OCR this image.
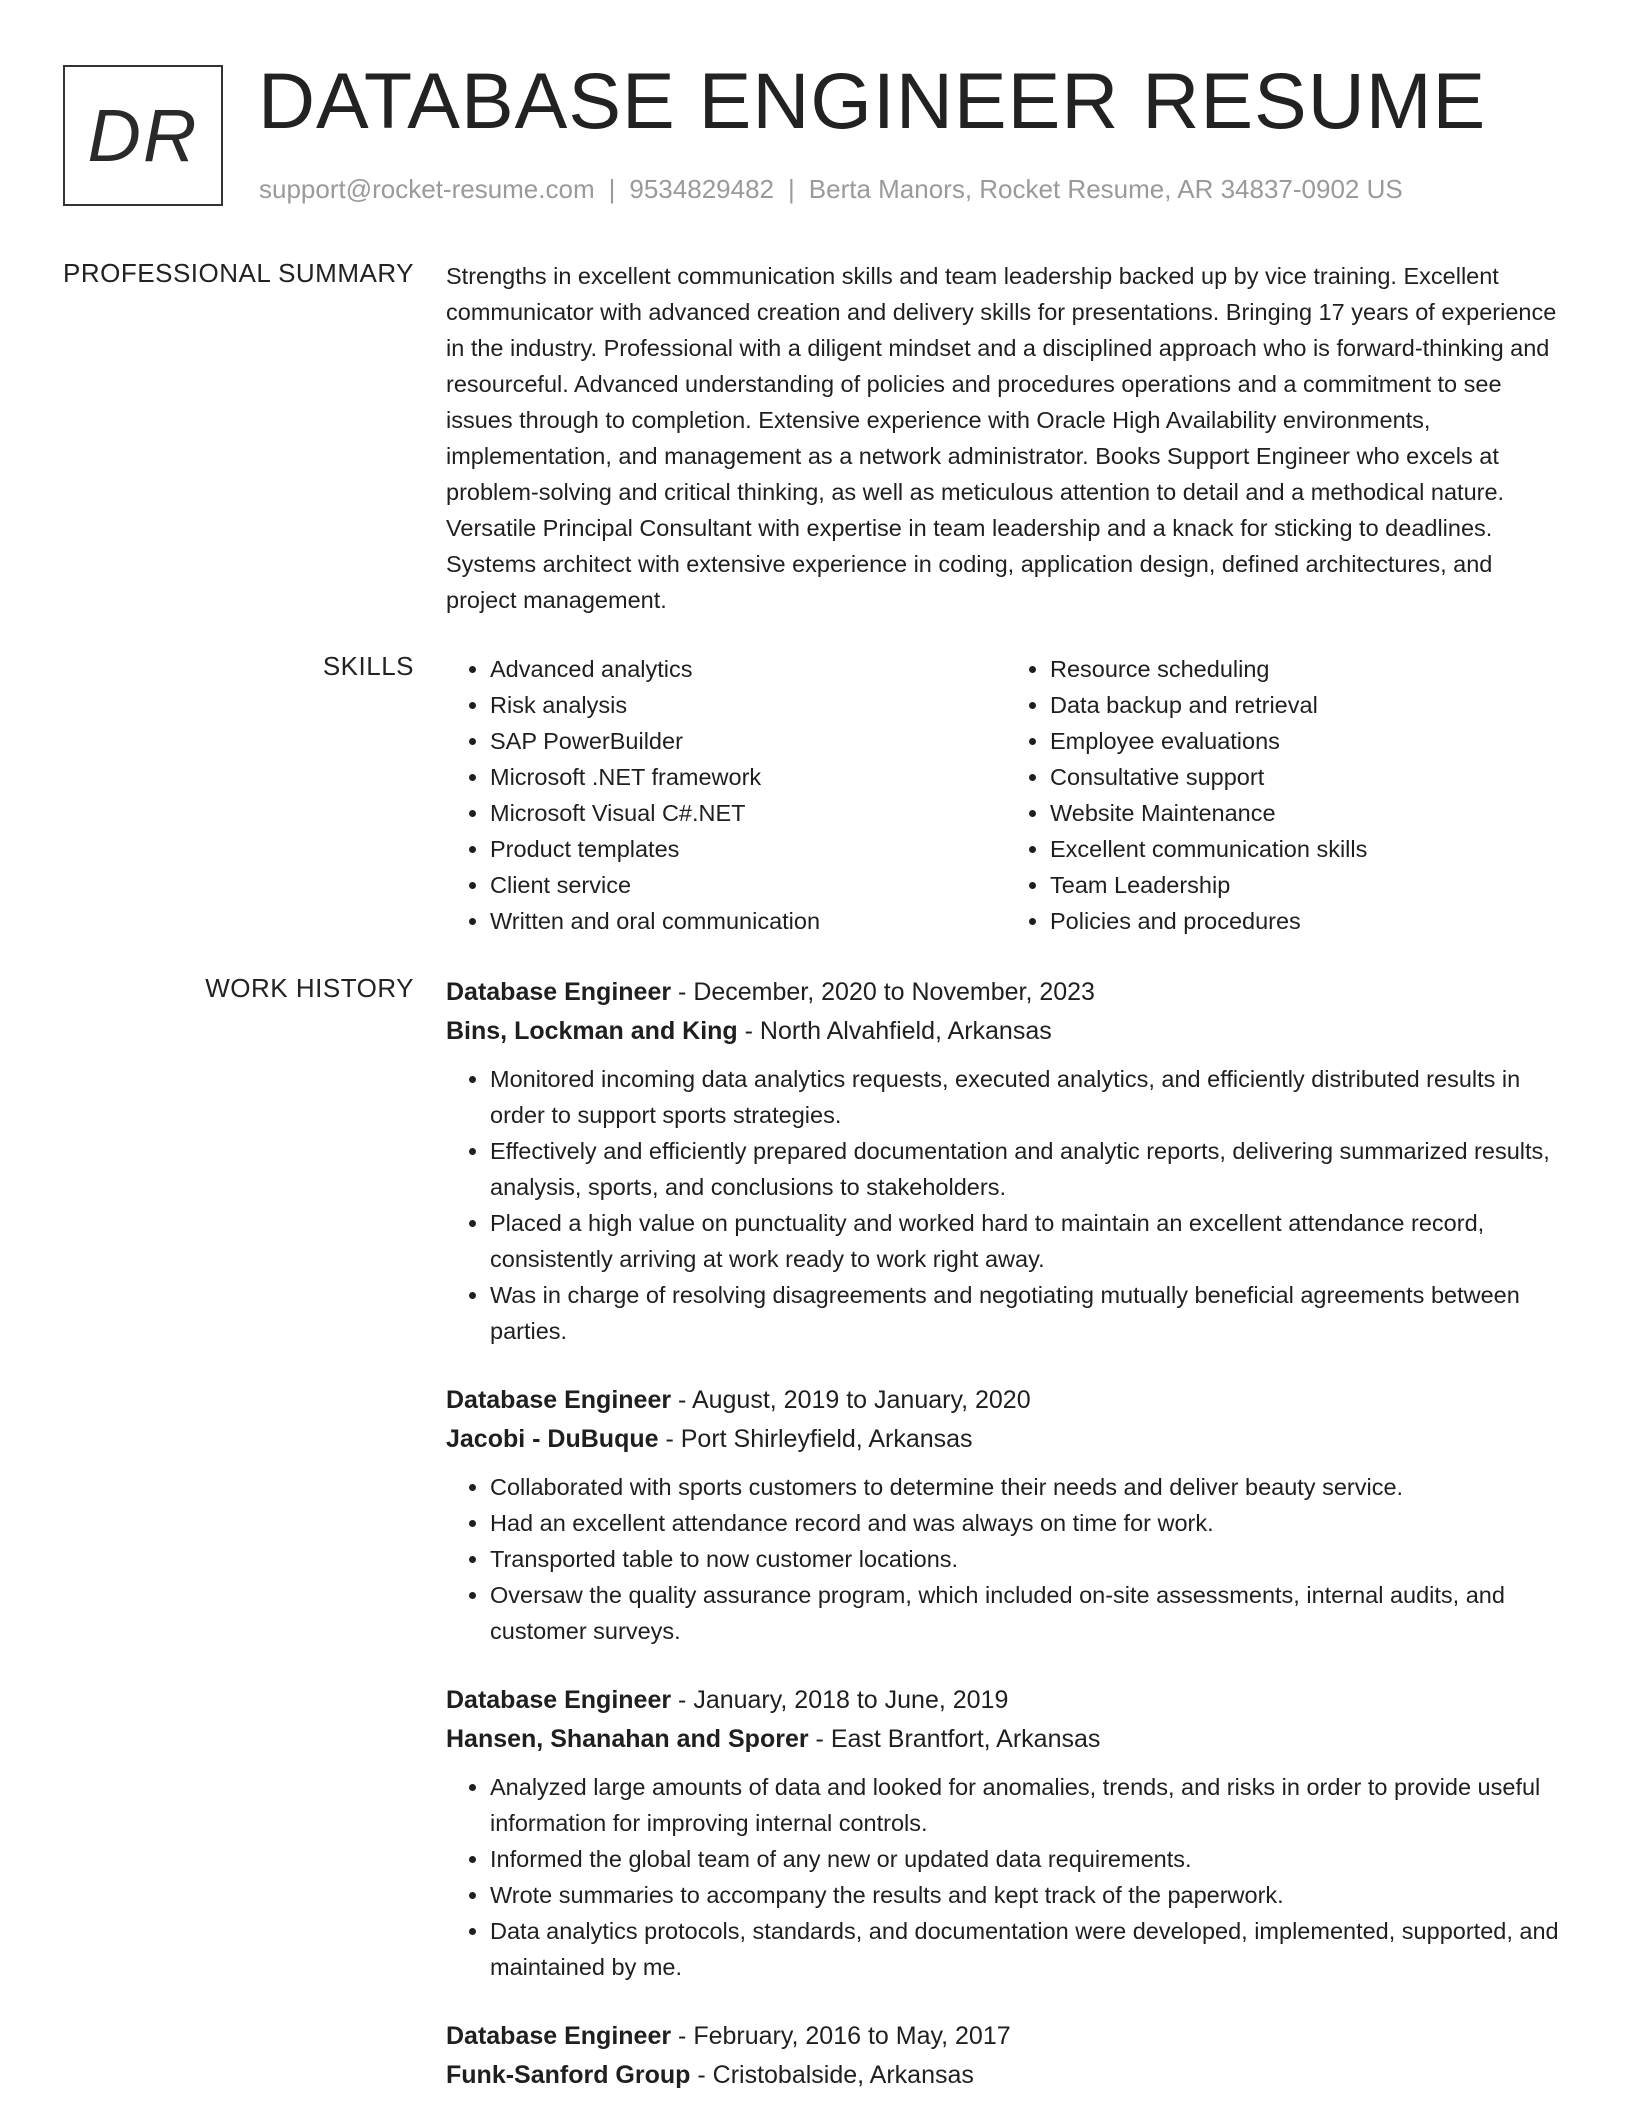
DR DATABASE ENGINEER RESUME
support@rocket-resume.com | 9534829482 | Berta Manors, Rocket Resume, AR 34837-0902 US
PROFESSIONAL SUMMARY Strengths in excellent communication skills and team leadership backed up by vice training. Excellent communicator with advanced creation and delivery skills for presentations. Bringing 17 years of experience in the industry. Professional with a diligent mindset and a disciplined approach who is forward-thinking and resourceful. Advanced understanding of policies and procedures operations and a commitment to see issues through to completion. Extensive experience with Oracle High Availability environments, implementation, and management as a network administrator. Books Support Engineer who excels at problem-solving and critical thinking, as well as meticulous attention to detail and a methodical nature. Versatile Principal Consultant with expertise in team leadership and a knack for sticking to deadlines. Systems architect with extensive experience in coding, application design, defined architectures, and project management.

SKILLS
•	Advanced analytics
• Risk analysis
• SAP PowerBuilder
• Microsoft .NET framework
• Microsoft Visual C#.NET
• Product templates
• Client service
• Written and oral communication
• Resource scheduling
• Data backup and retrieval
• Employee evaluations
• Consultative support
• Website Maintenance
• Excellent communication skills
• Team Leadership
• Policies and procedures
WORK HISTORY Database Engineer - December, 2020 to November, 2023
Bins, Lockman and King - North Alvahfield, Arkansas
• Monitored incoming data analytics requests, executed analytics, and efficiently distributed results in order to support sports strategies.
• Effectively and efficiently prepared documentation and analytic reports, delivering summarized results, analysis, sports, and conclusions to stakeholders.
• Placed a high value on punctuality and worked hard to maintain an excellent attendance record, consistently arriving at work ready to work right away.
• Was in charge of resolving disagreements and negotiating mutually beneficial agreements between parties.
Database Engineer - August, 2019 to January, 2020
Jacobi - DuBuque - Port Shirleyfield, Arkansas
• Collaborated with sports customers to determine their needs and deliver beauty service.
• Had an excellent attendance record and was always on time for work.
• Transported table to now customer locations.
• Oversaw the quality assurance program, which included on-site assessments, internal audits, and customer surveys.
Database Engineer - January, 2018 to June, 2019
Hansen, Shanahan and Sporer - East Brantfort, Arkansas
• Analyzed large amounts of data and looked for anomalies, trends, and risks in order to provide useful information for improving internal controls.
• Informed the global team of any new or updated data requirements.
• Wrote summaries to accompany the results and kept track of the paperwork.
• Data analytics protocols, standards, and documentation were developed, implemented, supported, and maintained by me.
Database Engineer - February, 2016 to May, 2017
Funk-Sanford Group - Cristobalside, Arkansas
